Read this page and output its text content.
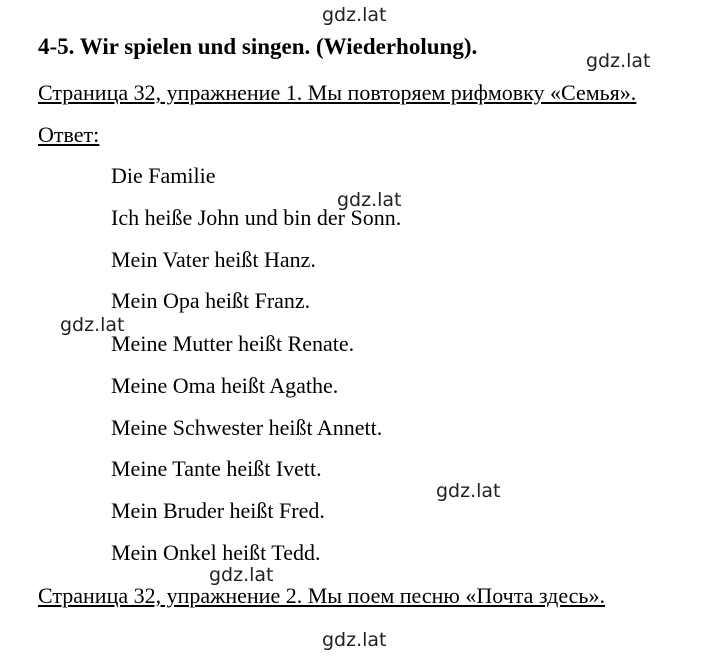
gdz.lat
4-5. Wir spielen und singen. (Wiederholung).
gdz.lat
Страница 32, упражнение 1. Мы повторяем рифмовку «Семья».
Ответ:
Die Familie
Ich heiße John und bin der Sonn.
Mein Vater heißt Hanz.
Mein Opa heißt Franz.
Meine Mutter heißt Renate.
Meine Oma heißt Agathe.
Meine Schwester heißt Annett.
Meine Tante heißt Ivett.
Mein Bruder heißt Fred.
Mein Onkel heißt Tedd.
Страница 32, упражнение 2. Мы поем песню «Почта здесь».
gdz.lat
gdz.lat
gdz.lat
gdz.lat
gdz.lat
